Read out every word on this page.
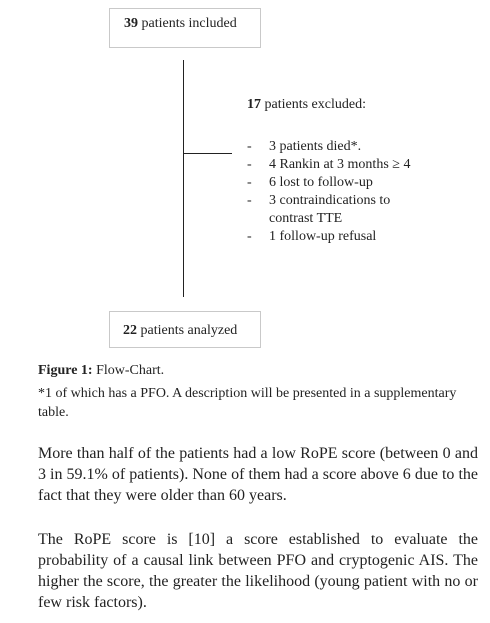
39 patients included
17 patients excluded:
- 3 patients died*.
- 4 Rankin at 3 months ≥ 4
- 6 lost to follow-up
- 3 contraindications to contrast TTE
- 1 follow-up refusal
22 patients analyzed
Figure 1: Flow-Chart.
*1 of which has a PFO. A description will be presented in a supplementary table.

More than half of the patients had a low RoPE score (between 0 and 3 in 59.1% of patients). None of them had a score above 6 due to the fact that they were older than 60 years.

The RoPE score is [10] a score established to evaluate the probability of a causal link between PFO and cryptogenic AIS. The higher the score, the greater the likelihood (young patient with no or few risk factors).
